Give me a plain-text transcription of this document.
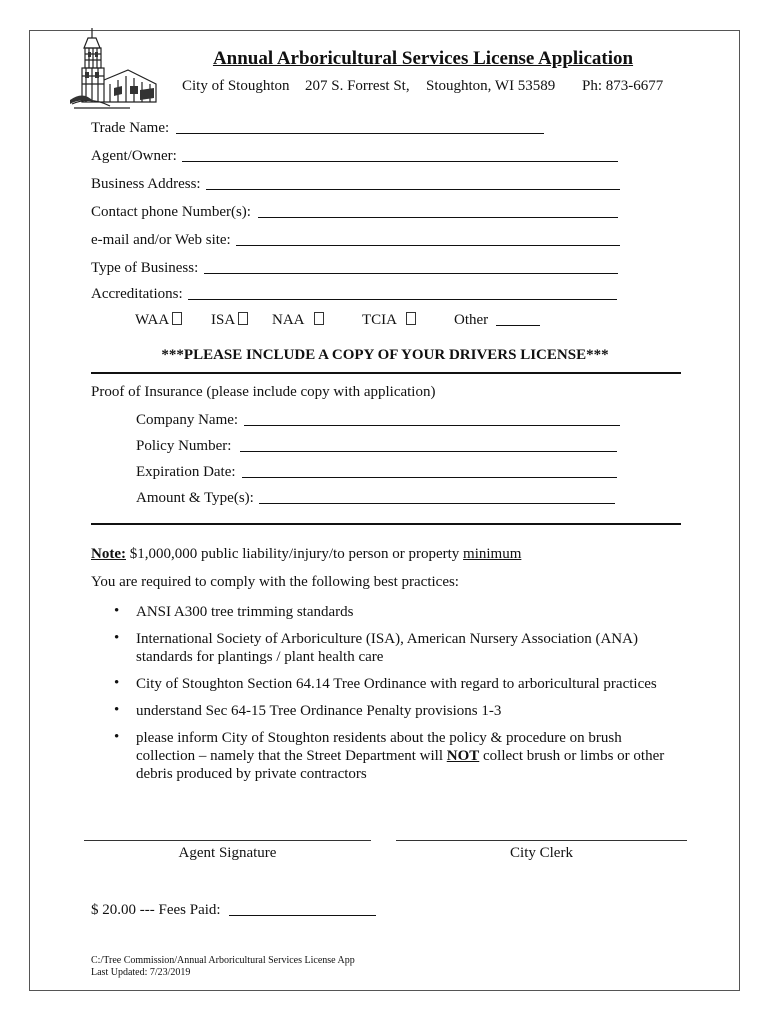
Annual Arboricultural Services License Application
City of Stoughton 207 S. Forrest St, Stoughton, WI 53589 Ph: 873-6677
Trade Name:
Agent/Owner:
Business Address:
Contact phone Number(s):
e-mail and/or Web site:
Type of Business:
Accreditations:
WAA	ISA	NAA	TCIA	Other
***PLEASE INCLUDE A COPY OF YOUR DRIVERS LICENSE***
Proof of Insurance (please include copy with application)
Company Name:
Policy Number:
Expiration Date:
Amount & Type(s):
Note: $1,000,000 public liability/injury/to person or property minimum
You are required to comply with the following best practices:
• ANSI A300 tree trimming standards
• International Society of Arboriculture (ISA), American Nursery Association (ANA) standards for plantings / plant health care
• City of Stoughton Section 64.14 Tree Ordinance with regard to arboricultural practices
• understand Sec 64-15 Tree Ordinance Penalty provisions 1-3
• please inform City of Stoughton residents about the policy & procedure on brush collection – namely that the Street Department will NOT collect brush or limbs or other debris produced by private contractors
Agent Signature	City Clerk
$ 20.00 --- Fees Paid:
C:/Tree Commission/Annual Arboricultural Services License App
Last Updated: 7/23/2019
